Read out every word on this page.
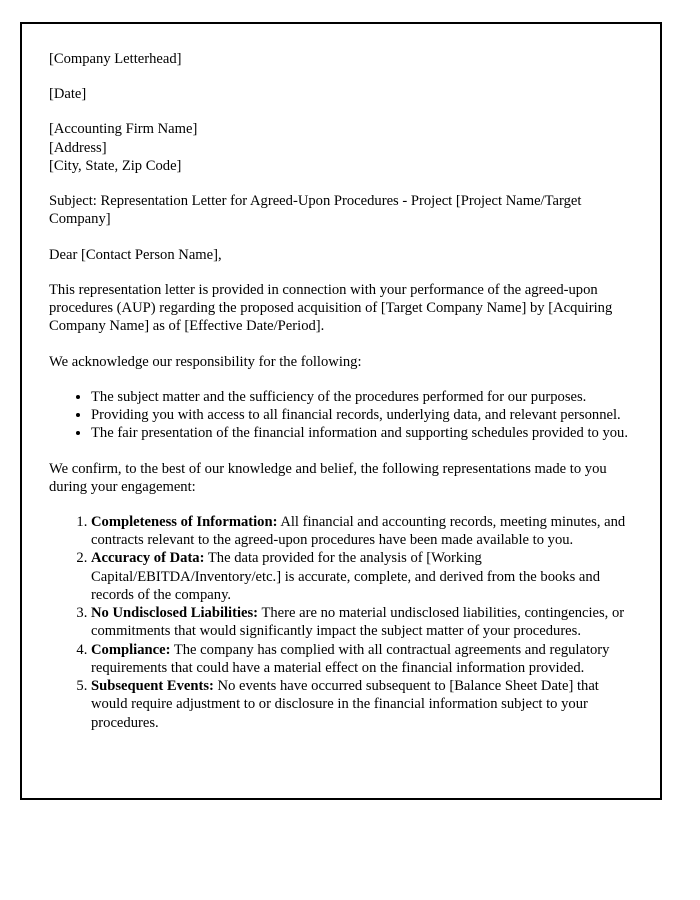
[Company Letterhead]

[Date]

[Accounting Firm Name]
[Address]
[City, State, Zip Code]

Subject: Representation Letter for Agreed-Upon Procedures - Project [Project Name/Target Company]

Dear [Contact Person Name],

This representation letter is provided in connection with your performance of the agreed-upon procedures (AUP) regarding the proposed acquisition of [Target Company Name] by [Acquiring Company Name] as of [Effective Date/Period].

We acknowledge our responsibility for the following:

• The subject matter and the sufficiency of the procedures performed for our purposes.
• Providing you with access to all financial records, underlying data, and relevant personnel.
• The fair presentation of the financial information and supporting schedules provided to you.

We confirm, to the best of our knowledge and belief, the following representations made to you during your engagement:

1. Completeness of Information: All financial and accounting records, meeting minutes, and contracts relevant to the agreed-upon procedures have been made available to you.
2. Accuracy of Data: The data provided for the analysis of [Working Capital/EBITDA/Inventory/etc.] is accurate, complete, and derived from the books and records of the company.
3. No Undisclosed Liabilities: There are no material undisclosed liabilities, contingencies, or commitments that would significantly impact the subject matter of your procedures.
4. Compliance: The company has complied with all contractual agreements and regulatory requirements that could have a material effect on the financial information provided.
5. Subsequent Events: No events have occurred subsequent to [Balance Sheet Date] that would require adjustment to or disclosure in the financial information subject to your procedures.
